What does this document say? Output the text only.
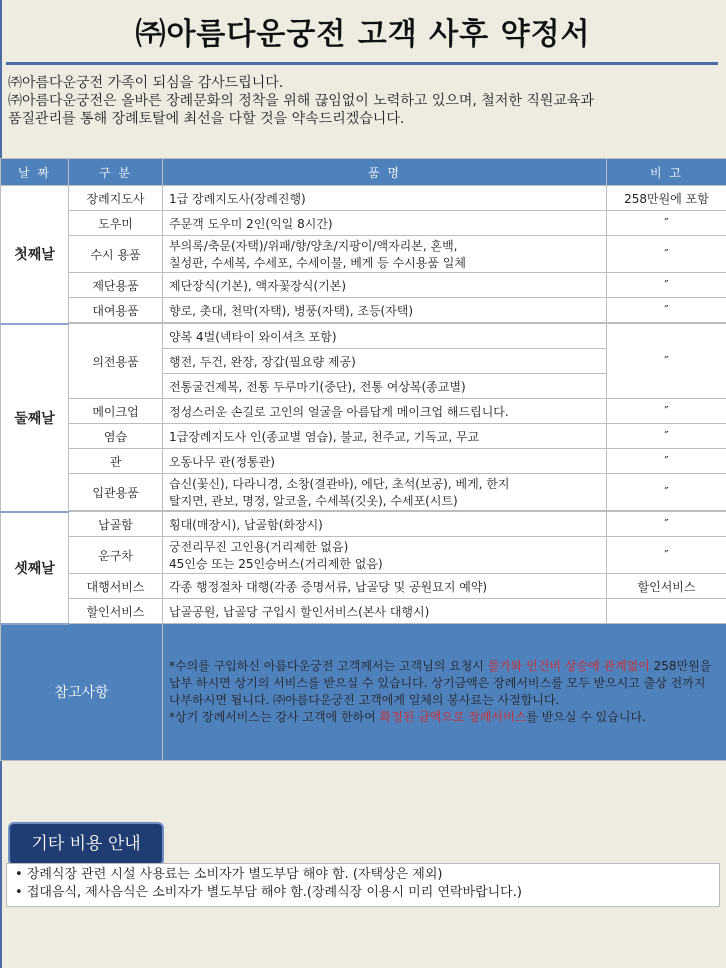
㈜아름다운궁전 고객 사후 약정서
㈜아름다운궁전 가족이 되심을 감사드립니다.
㈜아름다운궁전은 올바른 장례문화의 정착을 위해 끊임없이 노력하고 있으며, 철저한 직원교육과
품질관리를 통해 장례토탈에 최선을 다할 것을 약속드리겠습니다.
날 짜	구 분	품 명	비 고
첫째날	장례지도사	1급 장례지도사(장례진행)	258만원에 포함
	도우미	주문객 도우미 2인(익일 8시간)	″
	수시 용품	부의록/축문(자택)/위패/향/양초/지팡이/액자리본, 혼백,
칠성판, 수세복, 수세포, 수세이불, 베게 등 수시용품 일체	″
	제단용품	제단장식(기본), 액자꽃장식(기본)	″
	대여용품	향로, 촛대, 천막(자택), 병풍(자택), 조등(자택)	″

둘째날	의전용품	양복 4벌(넥타이 와이셔츠 포함)	″
		행전, 두건, 완장, 장갑(필요량 제공)	
		전통굴건제복, 전통 두루마기(중단), 전통 여상복(종교별)	
	메이크업	정성스러운 손길로 고인의 얼굴을 아름답게 메이크업 해드립니다.	″
	염습	1급장례지도사 인(종교별 염습), 불교, 천주교, 기독교, 무교	″
	관	오동나무 관(정통관)	″
	입관용품	습신(꽃신), 다라니경, 소창(결관바), 에단, 초석(보공), 베게, 한지
탈지면, 관보, 명정, 알코올, 수세복(깃옷), 수세포(시트)	″

셋째날	납골함	횡대(매장시), 납골함(화장시)	″
	운구차	궁전리무진 고인용(거리제한 없음)
45인승 또는 25인승버스(거리제한 없음)	″
	대행서비스	각종 행정절차 대행(각종 증명서류, 납골당 및 공원묘지 예약)	할인서비스
	할인서비스	납골공원, 납골당 구입시 할인서비스(본사 대행시)	
참고사항		*수의를 구입하신 아름다운궁전 고객께서는 고객님의 요청시 물가와 인건비 상승에 관계없이 258만원을 납부 하시면 상기의 서비스를 받으실 수 있습니다. 상기금액은 장례서비스를 모두 받으시고 출상 전까지 나부하시면 됩니다. ㈜아름다운궁전 고객에게 일체의 봉사료는 사절합니다.
*상기 장례서비스는 강사 고객에 한하여 확정된 금액으로 장례서비스를 받으실 수 있습니다.	
기타 비용 안내
• 장례식장 관련 시설 사용료는 소비자가 별도부담 해야 함. (자택상은 제외)
• 접대음식, 제사음식은 소비자가 별도부담 해야 함.(장례식장 이용시 미리 연락바랍니다.)
